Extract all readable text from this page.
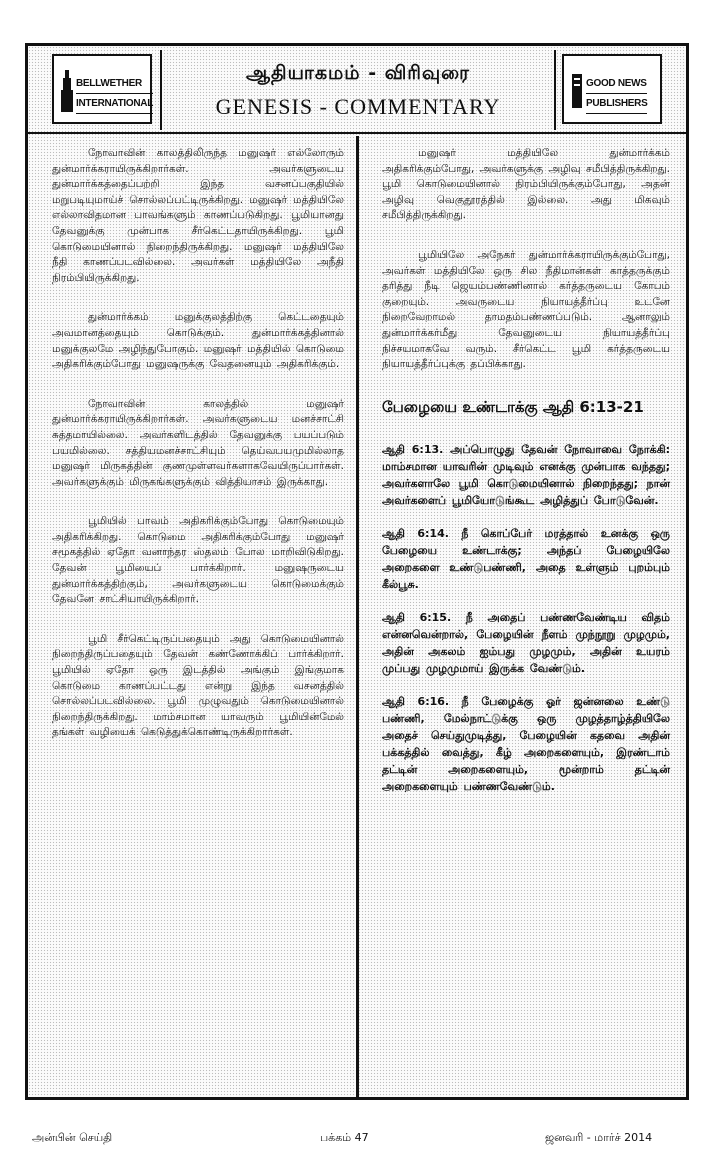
BELLWETHER
INTERNATIONAL
ஆதியாகமம் - விரிவுரை
GENESIS - COMMENTARY
GOOD NEWS
PUBLISHERS

நோவாவின் காலத்திலிருந்த மனுஷர் எல்லோரும் துன்மார்க்கராயிருக்கிறார்கள். அவர்களுடைய துன்மார்க்கத்தைப்பற்றி இந்த வசனப்பகுதியில் மறுபடியுமாய்ச் சொல்லப்பட்டிருக்கிறது. மனுஷர் மத்தியிலே எல்லாவிதமான பாவங்களும் காணப்படுகிறது. பூமியானது தேவனுக்கு முன்பாக சீர்கெட்டதாயிருக்கிறது. பூமி கொடுமையினால் நிறைந்திருக்கிறது. மனுஷர் மத்தியிலே நீதி காணப்படவில்லை. அவர்கள் மத்தியிலே அநீதி நிரம்பியிருக்கிறது.

துன்மார்க்கம் மனுக்குலத்திற்கு கெட்டதையும் அவமானத்தையும் கொடுக்கும். துன்மார்க்கத்தினால் மனுக்குலமே அழிந்துபோகும். மனுஷர் மத்தியில் கொடுமை அதிகரிக்கும்போது மனுஷருக்கு வேதனையும் அதிகரிக்கும்.

நோவாவின் காலத்தில் மனுஷர் துன்மார்க்கராயிருக்கிறார்கள். அவர்களுடைய மனச்சாட்சி சுத்தமாயில்லை. அவர்களிடத்தில் தேவனுக்கு பயப்படும் பயமில்லை. சத்தியமனச்சாட்சியும் தெய்வபயமுமில்லாத மனுஷர் மிருகத்தின் குணமுள்ளவர்களாகவேயிருப்பார்கள். அவர்களுக்கும் மிருகங்களுக்கும் வித்தியாசம் இருக்காது.

பூமியில் பாவம் அதிகரிக்கும்போது கொடுமையும் அதிகரிக்கிறது. கொடுமை அதிகரிக்கும்போது மனுஷர் சமூகத்தில் ஏதோ வனாந்தர ஸ்தலம் போல மாறிவிடுகிறது. தேவன் பூமியைப் பார்க்கிறார். மனுஷருடைய துன்மார்க்கத்திற்கும், அவர்களுடைய கொடுமைக்கும் தேவனே சாட்சியாயிருக்கிறார்.

பூமி சீர்கெட்டிருப்பதையும் அது கொடுமையினால் நிறைந்திருப்பதையும் தேவன் கண்ணோக்கிப் பார்க்கிறார். பூமியில் ஏதோ ஒரு இடத்தில் அங்கும் இங்குமாக கொடுமை காணப்பட்டது என்று இந்த வசனத்தில் சொல்லப்படவில்லை. பூமி முழுவதும் கொடுமையினால் நிறைந்திருக்கிறது. மாம்சமான யாவரும் பூமியின்மேல் தங்கள் வழியைக் கெடுத்துக்கொண்டிருக்கிறார்கள்.

மனுஷர் மத்தியிலே துன்மார்க்கம் அதிகரிக்கும்போது, அவர்களுக்கு அழிவு சமீபித்திருக்கிறது. பூமி கொடுமையினால் நிரம்பியிருக்கும்போது, அதன் அழிவு வெகுதூரத்தில் இல்லை. அது மிகவும் சமீபித்திருக்கிறது.

பூமியிலே அநேகர் துன்மார்க்கராயிருக்கும்போது, அவர்கள் மத்தியிலே ஒரு சில நீதிமான்கள் காத்தருக்கும் தரித்து நீடி ஜெயம்பண்ணினால் கர்த்தருடைய கோபம் குறையும். அவருடைய நியாயத்தீர்ப்பு உடனே நிறைவேறாமல் தாமதம்பண்ணப்படும். ஆனாலும் துன்மார்க்கர்மீது தேவனுடைய நியாயத்தீர்ப்பு நிச்சயமாகவே வரும். சீர்கெட்ட பூமி கர்த்தருடைய நியாயத்தீர்ப்புக்கு தப்பிக்காது.

பேழையை உண்டாக்கு ஆதி 6:13-21

ஆதி 6:13. அப்பொழுது தேவன் நோவாவை நோக்கி: மாம்சமான யாவரின் முடிவும் எனக்கு முன்பாக வந்தது; அவர்களாலே பூமி கொடுமையினால் நிறைந்தது; நான் அவர்களைப் பூமியோடுங்கூட அழித்துப் போடுவேன்.

ஆதி 6:14. நீ கொப்பேர் மரத்தால் உனக்கு ஒரு பேழையை உண்டாக்கு; அந்தப் பேழையிலே அறைகளை உண்டுபண்ணி, அதை உள்ளும் புறம்பும் கீல்பூசு.

ஆதி 6:15. நீ அதைப் பண்ணவேண்டிய விதம் என்னவென்றால், பேழையின் நீளம் முந்நூறு முழமும், அதின் அகலம் ஐம்பது முழமும், அதின் உயரம் முப்பது முழமுமாய் இருக்க வேண்டும்.

ஆதி 6:16. நீ பேழைக்கு ஓர் ஜன்னலை உண்டு பண்ணி, மேல்நாட்டுக்கு ஒரு முழத்தாழ்த்தியிலே அதைச் செய்துமுடித்து, பேழையின் கதவை அதின் பக்கத்தில் வைத்து, கீழ் அறைகளையும், இரண்டாம் தட்டின் அறைகளையும், மூன்றாம் தட்டின் அறைகளையும் பண்ணவேண்டும்.

அன்பின் செய்தி	பக்கம் 47	ஜனவரி - மார்ச் 2014
